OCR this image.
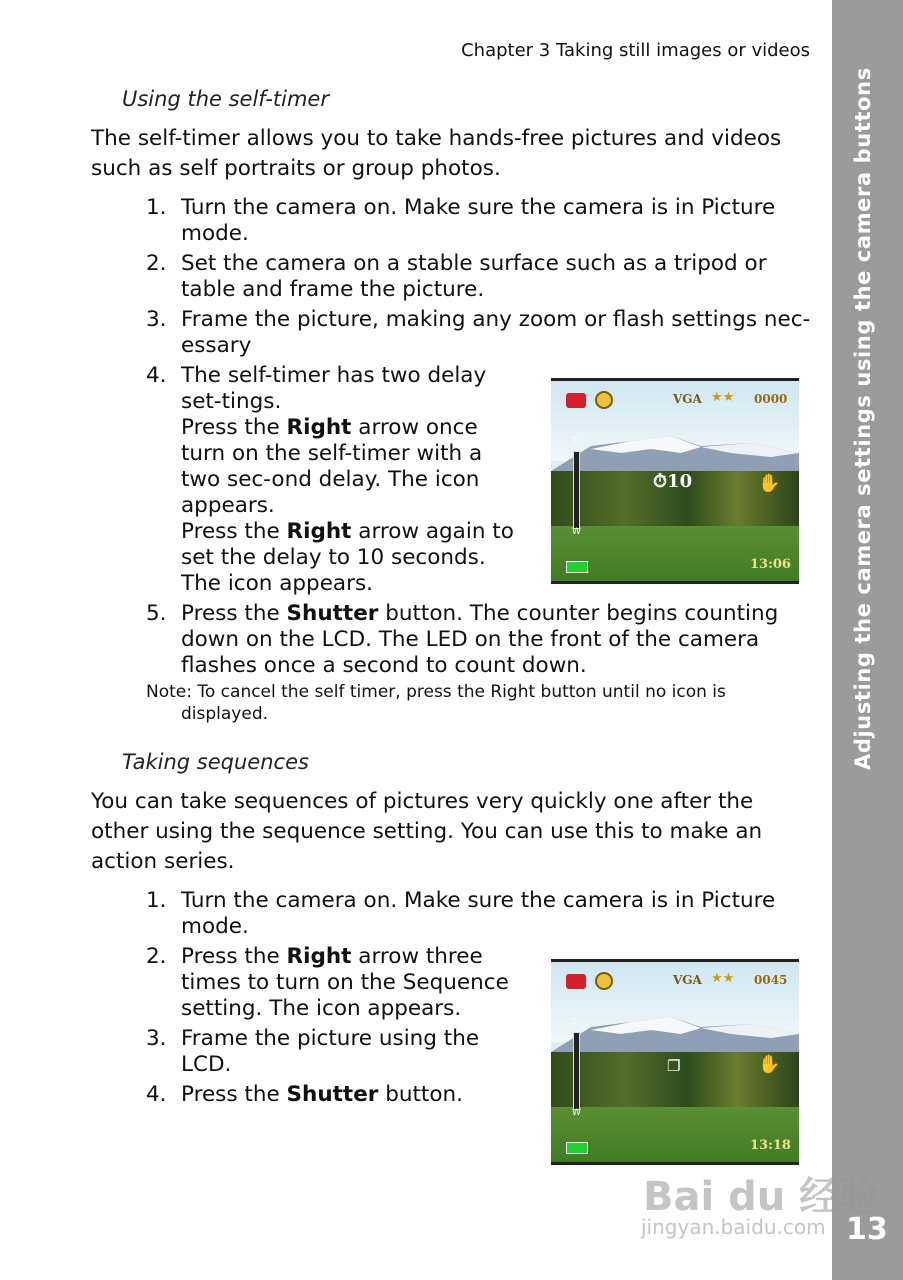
Adjusting the camera settings using the camera buttons
13
Chapter 3 Taking still images or videos
Using the self-timer
The self-timer allows you to take hands-free pictures and videos such as self portraits or group photos.
1. Turn the camera on. Make sure the camera is in Picture mode.
2. Set the camera on a stable surface such as a tripod or table and frame the picture.
3. Frame the picture, making any zoom or flash settings nec-essary
4. The self-timer has two delay set-tings.
Press the Right arrow once turn on the self-timer with a two sec-ond delay. The icon appears.
Press the Right arrow again to set the delay to 10 seconds. The icon appears.
5. Press the Shutter button. The counter begins counting down on the LCD. The LED on the front of the camera flashes once a second to count down.
Note: To cancel the self timer, press the Right button until no icon is
displayed.
VGA ★★ 0000
T
W
⏱10	✋
13:06
Taking sequences
You can take sequences of pictures very quickly one after the other using the sequence setting. You can use this to make an action series.
1. Turn the camera on. Make sure the camera is in Picture mode.
2. Press the Right arrow three times to turn on the Sequence setting. The icon appears.
3. Frame the picture using the LCD.
4. Press the Shutter button.
VGA ★★ 0045
T
W
❐	✋
13:18
Bai du 经验
jingyan.baidu.com
